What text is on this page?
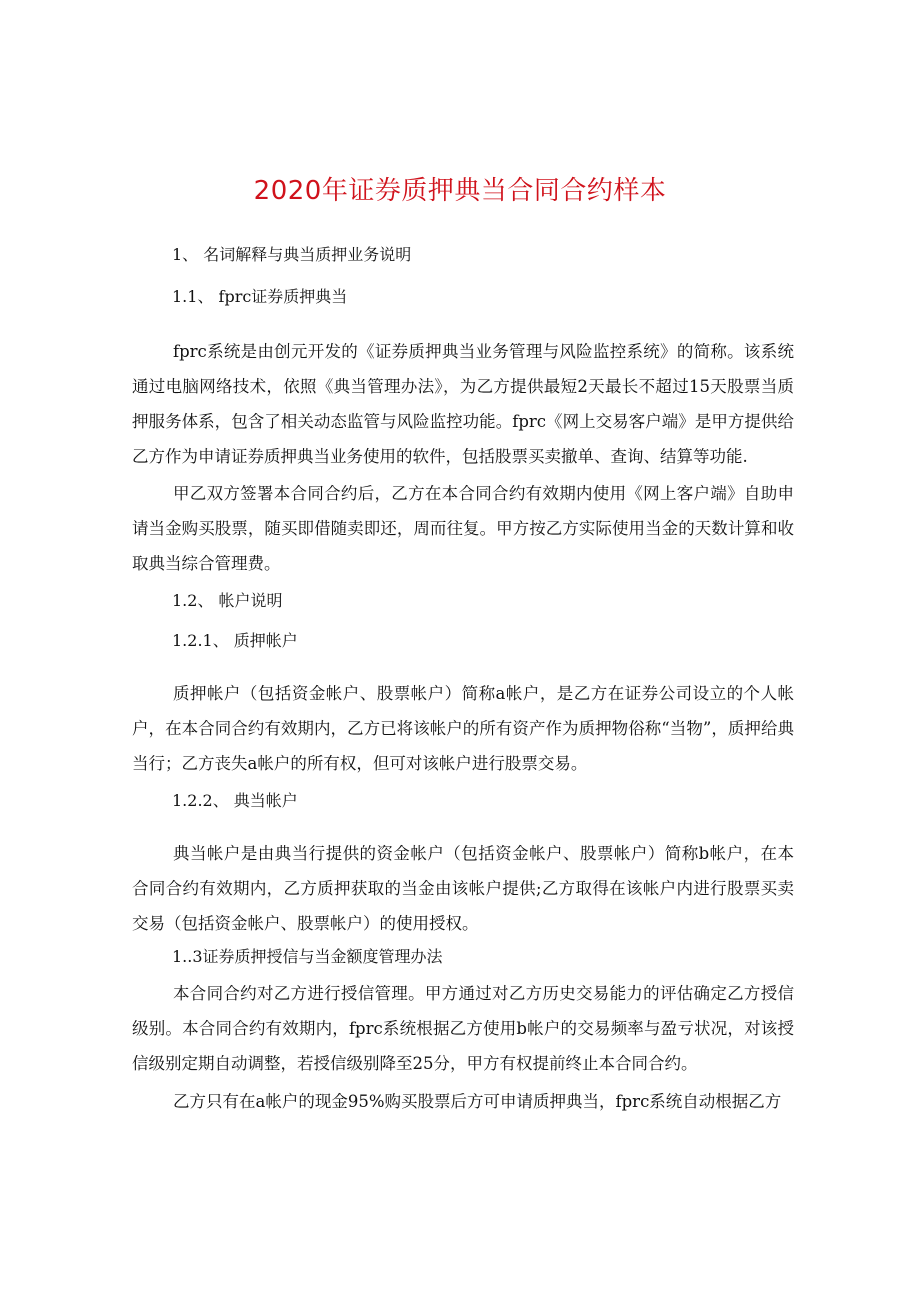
2020年证券质押典当合同合约样本
1、 名词解释与典当质押业务说明
1.1、 fprc证券质押典当
fprc系统是由创元开发的《证券质押典当业务管理与风险监控系统》的简称。该系统通过电脑网络技术，依照《典当管理办法》，为乙方提供最短2天最长不超过15天股票当质押服务体系，包含了相关动态监管与风险监控功能。fprc《网上交易客户端》是甲方提供给乙方作为申请证券质押典当业务使用的软件，包括股票买卖撤单、查询、结算等功能.
甲乙双方签署本合同合约后，乙方在本合同合约有效期内使用《网上客户端》自助申请当金购买股票，随买即借随卖即还，周而往复。甲方按乙方实际使用当金的天数计算和收取典当综合管理费。
1.2、 帐户说明
1.2.1、 质押帐户
质押帐户（包括资金帐户、股票帐户）简称a帐户，是乙方在证券公司设立的个人帐户，在本合同合约有效期内，乙方已将该帐户的所有资产作为质押物俗称“当物”，质押给典当行；乙方丧失a帐户的所有权，但可对该帐户进行股票交易。
1.2.2、 典当帐户
典当帐户是由典当行提供的资金帐户（包括资金帐户、股票帐户）简称b帐户，在本合同合约有效期内，乙方质押获取的当金由该帐户提供;乙方取得在该帐户内进行股票买卖交易（包括资金帐户、股票帐户）的使用授权。
1..3证券质押授信与当金额度管理办法
本合同合约对乙方进行授信管理。甲方通过对乙方历史交易能力的评估确定乙方授信级别。本合同合约有效期内，fprc系统根据乙方使用b帐户的交易频率与盈亏状况，对该授信级别定期自动调整，若授信级别降至25分，甲方有权提前终止本合同合约。
乙方只有在a帐户的现金95%购买股票后方可申请质押典当，fprc系统自动根据乙方
